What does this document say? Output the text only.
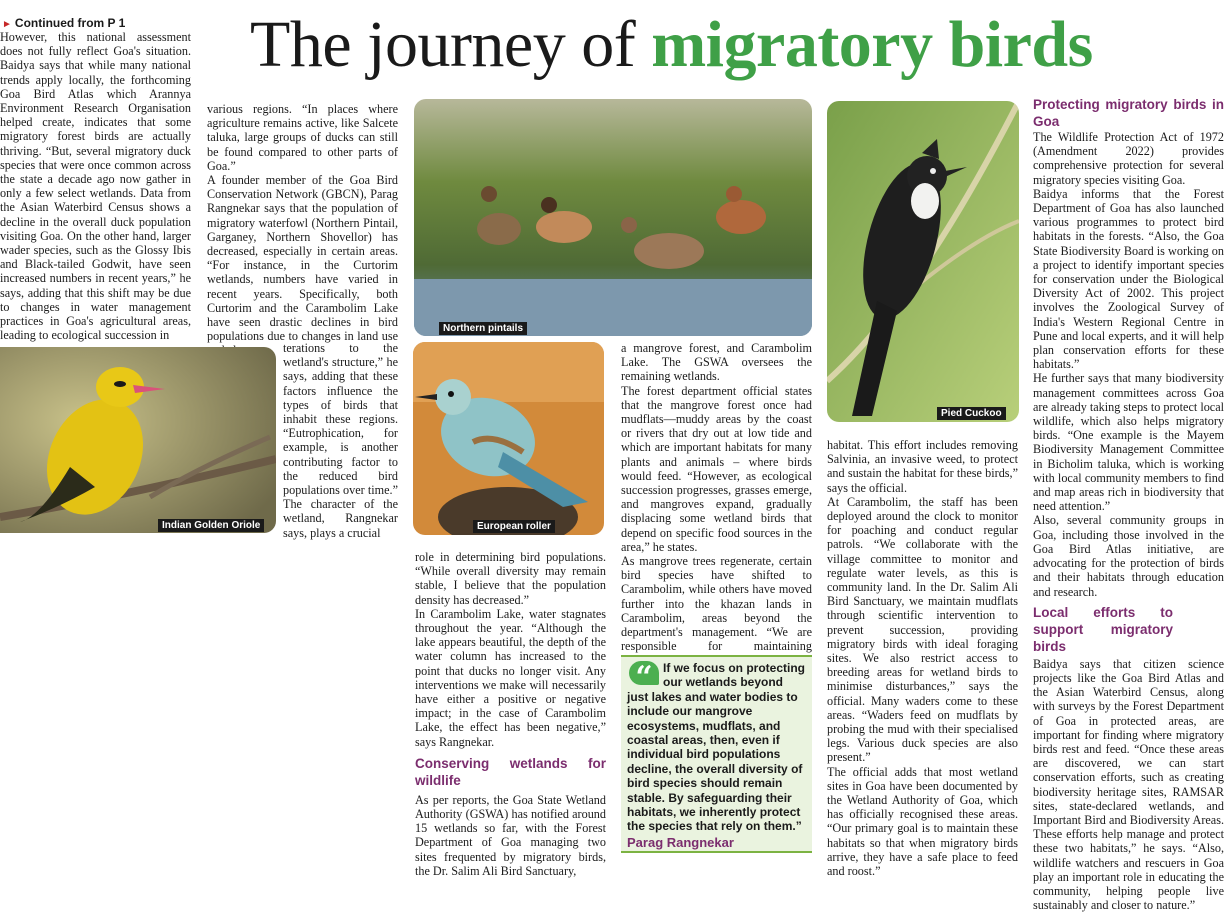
► Continued from P 1 The journey of migratory birds

However, this national assessment does not fully reflect Goa's situation. Baidya says that while many national trends apply locally, the forthcoming Goa Bird Atlas which Arannya Environment Research Organisation helped create, indicates that some migratory forest birds are actually thriving. “But, several migratory duck species that were once common across the state a decade ago now gather in only a few select wetlands. Data from the Asian Waterbird Census shows a decline in the overall duck population visiting Goa. On the other hand, larger wader species, such as the Glossy Ibis and Black-tailed Godwit, have seen increased numbers in recent years,” he says, adding that this shift may be due to changes in water management practices in Goa's agricultural areas, leading to ecological succession in

various regions. “In places where agriculture remains active, like Salcete taluka, large groups of ducks can still be found compared to other parts of Goa.”

A founder member of the Goa Bird Conservation Network (GBCN), Parag Rangnekar says that the population of migratory waterfowl (Northern Pintail, Garganey, Northern Shovellor) has decreased, especially in certain areas. “For instance, in the Curtorim wetlands, numbers have varied in recent years. Specifically, both Curtorim and the Carambolim Lake have seen drastic declines in bird populations due to changes in land use

terations to the wetland's structure,” he says, adding that these factors influence the types of birds that inhabit these regions. “Eutrophication, for example, is another contributing factor to the reduced bird populations over time.” The character of the wetland, Rangnekar says, plays a crucial

Indian Golden Oriole
Northern pintails
European roller

role in determining bird populations. “While overall diversity may remain stable, I believe that the population density has decreased.”

In Carambolim Lake, water stagnates throughout the year. “Although the lake appears beautiful, the depth of the water column has increased to the point that ducks no longer visit. Any interventions we make will necessarily have either a positive or negative impact; in the case of Carambolim Lake, the effect has been negative,” says Rangnekar.

Conserving wetlands for wildlife

As per reports, the Goa State Wetland Authority (GSWA) has notified around 15 wetlands so far, with the Forest Department of Goa managing two sites frequented by migratory birds, the Dr. Salim Ali Bird Sanctuary,

a mangrove forest, and Carambolim Lake. The GSWA oversees the remaining wetlands.

The forest department official states that the mangrove forest once had mudflats—muddy areas by the coast or rivers that dry out at low tide and which are important habitats for many plants and animals – where birds would feed. “However, as ecological succession progresses, grasses emerge, and mangroves expand, gradually displacing some wetland birds that depend on specific food sources in the area,” he states.

As mangrove trees regenerate, certain bird species have shifted to Carambolim, while others have moved further into the khazan lands in Carambolim, areas beyond the department's management. “We are responsible for maintaining

“ If we focus on protecting our wetlands beyond just lakes and water bodies to include our mangrove ecosystems, mudflats, and coastal areas, then, even if individual bird populations decline, the overall diversity of bird species should remain stable. By safeguarding their habitats, we inherently protect the species that rely on them.”
Parag Rangnekar
Pied Cuckoo

habitat. This effort includes removing Salvinia, an invasive weed, to protect and sustain the habitat for these birds,” says the official.

At Carambolim, the staff has been deployed around the clock to monitor for poaching and conduct regular patrols. “We collaborate with the village committee to monitor and regulate water levels, as this is community land. In the Dr. Salim Ali Bird Sanctuary, we maintain mudflats through scientific intervention to prevent succession, providing migratory birds with ideal foraging sites. We also restrict access to breeding areas for wetland birds to minimise disturbances,” says the official. Many waders come to these areas. “Waders feed on mudflats by probing the mud with their specialised legs. Various duck species are also present.”

The official adds that most wetland sites in Goa have been documented by the Wetland Authority of Goa, which has officially recognised these areas. “Our primary goal is to maintain these habitats so that when migratory birds arrive, they have a safe place to feed and roost.”

Protecting migratory birds in Goa

The Wildlife Protection Act of 1972 (Amendment 2022) provides comprehensive protection for several migratory species visiting Goa.

Baidya informs that the Forest Department of Goa has also launched various programmes to protect bird habitats in the forests. “Also, the Goa State Biodiversity Board is working on a project to identify important species for conservation under the Biological Diversity Act of 2002. This project involves the Zoological Survey of India's Western Regional Centre in Pune and local experts, and it will help plan conservation efforts for these habitats.”

He further says that many biodiversity management committees across Goa are already taking steps to protect local wildlife, which also helps migratory birds. “One example is the Mayem Biodiversity Management Committee in Bicholim taluka, which is working with local community members to find and map areas rich in biodiversity that need attention.”

Also, several community groups in Goa, including those involved in the Goa Bird Atlas initiative, are advocating for the protection of birds and their habitats through education and research.

Local efforts to support migratory birds

Baidya says that citizen science projects like the Goa Bird Atlas and the Asian Waterbird Census, along with surveys by the Forest Department of Goa in protected areas, are important for finding where migratory birds rest and feed. “Once these areas are discovered, we can start conservation efforts, such as creating biodiversity heritage sites, RAMSAR sites, state-declared wetlands, and Important Bird and Biodiversity Areas. These efforts help manage and protect these two habitats,” he says. “Also, wildlife watchers and rescuers in Goa play an important role in educating the community, helping people live sustainably and closer to nature.”
